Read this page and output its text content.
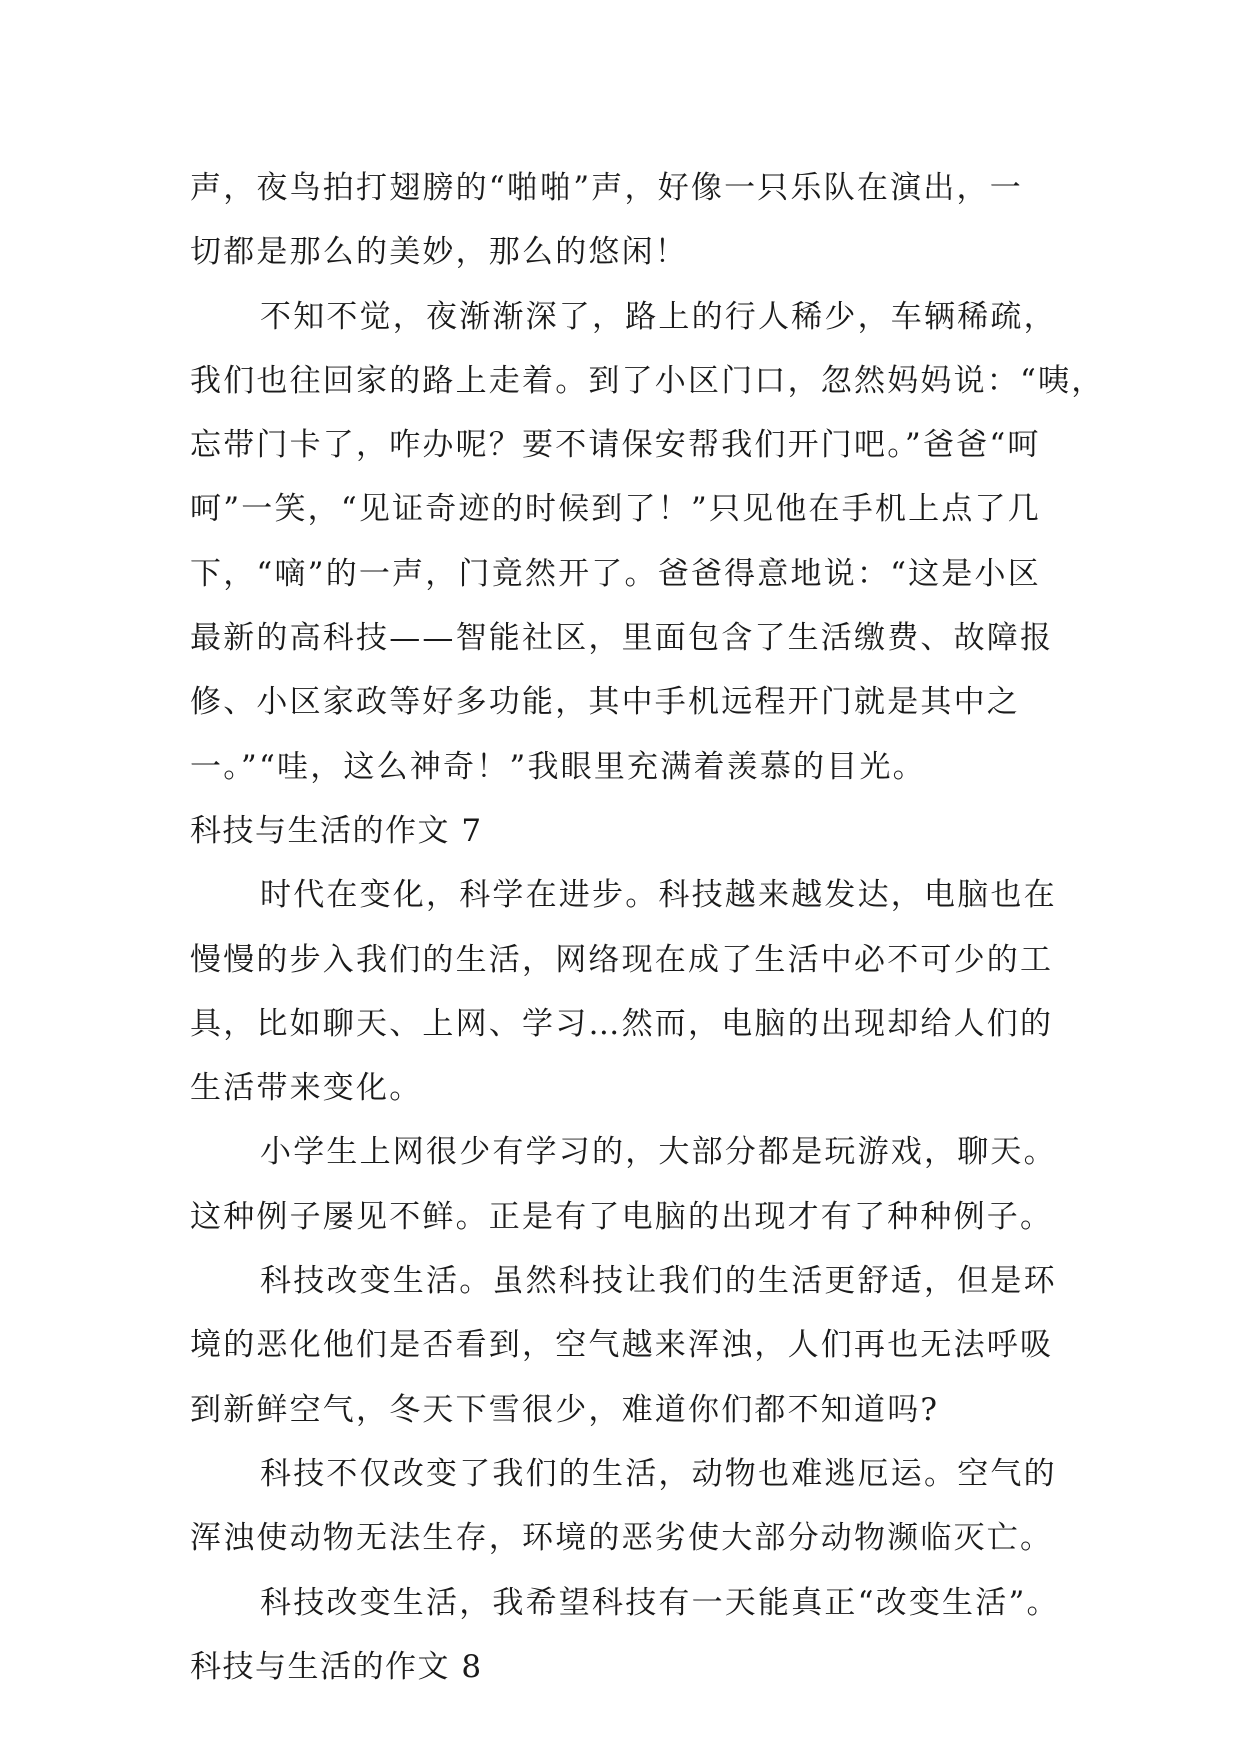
声，夜鸟拍打翅膀的“啪啪”声，好像一只乐队在演出，一
切都是那么的美妙，那么的悠闲！
不知不觉，夜渐渐深了，路上的行人稀少，车辆稀疏，
我们也往回家的路上走着。到了小区门口，忽然妈妈说：“咦，
忘带门卡了，咋办呢？要不请保安帮我们开门吧。”爸爸“呵
呵”一笑，“见证奇迹的时候到了！”只见他在手机上点了几
下，“嘀”的一声，门竟然开了。爸爸得意地说：“这是小区
最新的高科技——智能社区，里面包含了生活缴费、故障报
修、小区家政等好多功能，其中手机远程开门就是其中之
一。”“哇，这么神奇！”我眼里充满着羡慕的目光。
科技与生活的作文 7
时代在变化，科学在进步。科技越来越发达，电脑也在
慢慢的步入我们的生活，网络现在成了生活中必不可少的工
具，比如聊天、上网、学习…然而，电脑的出现却给人们的
生活带来变化。
小学生上网很少有学习的，大部分都是玩游戏，聊天。
这种例子屡见不鲜。正是有了电脑的出现才有了种种例子。
科技改变生活。虽然科技让我们的生活更舒适，但是环
境的恶化他们是否看到，空气越来浑浊，人们再也无法呼吸
到新鲜空气，冬天下雪很少，难道你们都不知道吗?
科技不仅改变了我们的生活，动物也难逃厄运。空气的
浑浊使动物无法生存，环境的恶劣使大部分动物濒临灭亡。
科技改变生活，我希望科技有一天能真正“改变生活”。
科技与生活的作文 8
